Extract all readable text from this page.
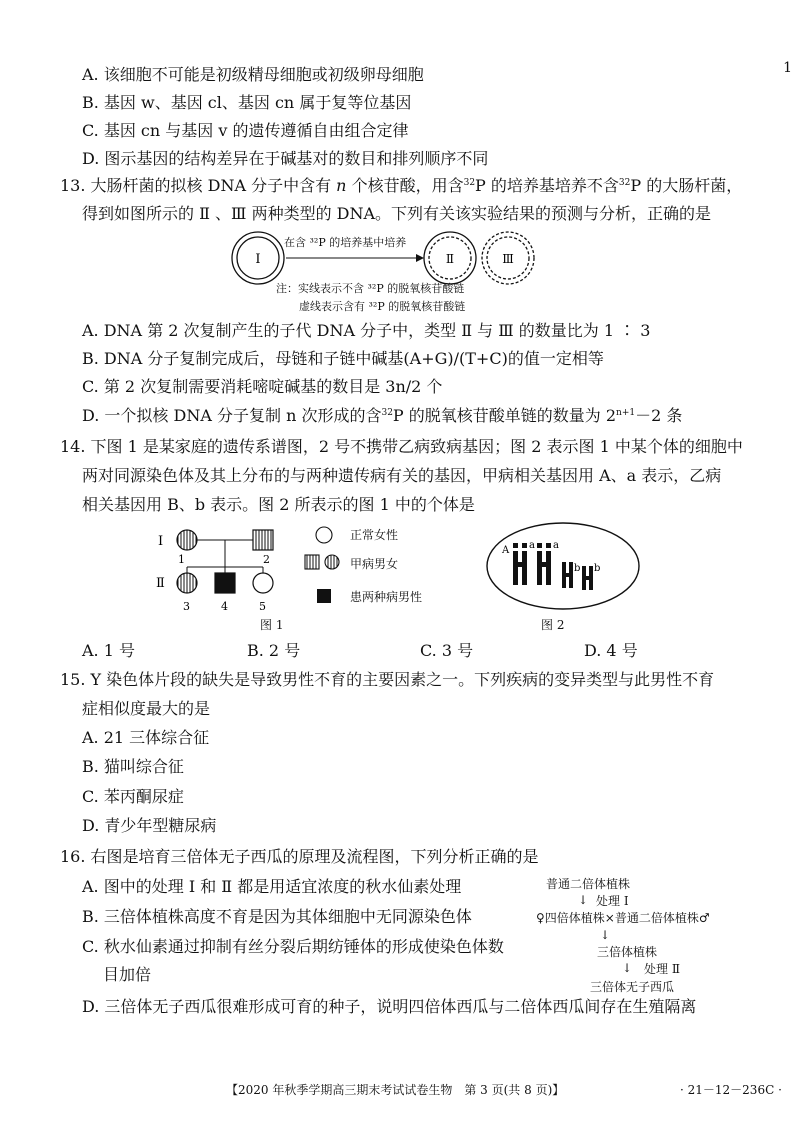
1
A. 该细胞不可能是初级精母细胞或初级卵母细胞
B. 基因 w、基因 cl、基因 cn 属于复等位基因
C. 基因 cn 与基因 v 的遗传遵循自由组合定律
D. 图示基因的结构差异在于碱基对的数目和排列顺序不同
13. 大肠杆菌的拟核 DNA 分子中含有 n 个核苷酸，用含$^{32}$P 的培养基培养不含$^{32}$P 的大肠杆菌，
得到如图所示的 Ⅱ 、Ⅲ 两种类型的 DNA。下列有关该实验结果的预测与分析，正确的是
Ⅰ	Ⅱ	Ⅲ
在含 ³²P 的培养基中培养
注：实线表示不含 ³²P 的脱氧核苷酸链
虚线表示含有 ³²P 的脱氧核苷酸链
A. DNA 第 2 次复制产生的子代 DNA 分子中，类型 Ⅱ 与 Ⅲ 的数量比为 1 ∶ 3
B. DNA 分子复制完成后，母链和子链中碱基(A+G)/(T+C)的值一定相等
C. 第 2 次复制需要消耗嘧啶碱基的数目是 3n/2 个
D. 一个拟核 DNA 分子复制 n 次形成的含$^{32}$P 的脱氧核苷酸单链的数量为 $2^{n+1}-2$ 条
14. 下图 1 是某家庭的遗传系谱图，2 号不携带乙病致病基因；图 2 表示图 1 中某个体的细胞中
两对同源染色体及其上分布的与两种遗传病有关的基因，甲病相关基因用 A、a 表示，乙病
相关基因用 B、b 表示。图 2 所表示的图 1 中的个体是
Ⅰ
Ⅱ
1	2
3	4	5
正常女性
甲病男女
患两种病男性
图 1
A a a
b b
图 2
A. 1 号	B. 2 号	C. 3 号	D. 4 号
15. Y 染色体片段的缺失是导致男性不育的主要因素之一。下列疾病的变异类型与此男性不育
症相似度最大的是
A. 21 三体综合征
B. 猫叫综合征
C. 苯丙酮尿症
D. 青少年型糖尿病
16. 右图是培育三倍体无子西瓜的原理及流程图，下列分析正确的是
A. 图中的处理 Ⅰ 和 Ⅱ 都是用适宜浓度的秋水仙素处理
B. 三倍体植株高度不育是因为其体细胞中无同源染色体
C. 秋水仙素通过抑制有丝分裂后期纺锤体的形成使染色体数
目加倍
D. 三倍体无子西瓜很难形成可育的种子，说明四倍体西瓜与二倍体西瓜间存在生殖隔离
普通二倍体植株
↓ 处理 Ⅰ
♀四倍体植株×普通二倍体植株♂
↓
三倍体植株
↓ 处理 Ⅱ
三倍体无子西瓜
【2020 年秋季学期高三期末考试试卷生物　第 3 页(共 8 页)】	· 21－12－236C ·
